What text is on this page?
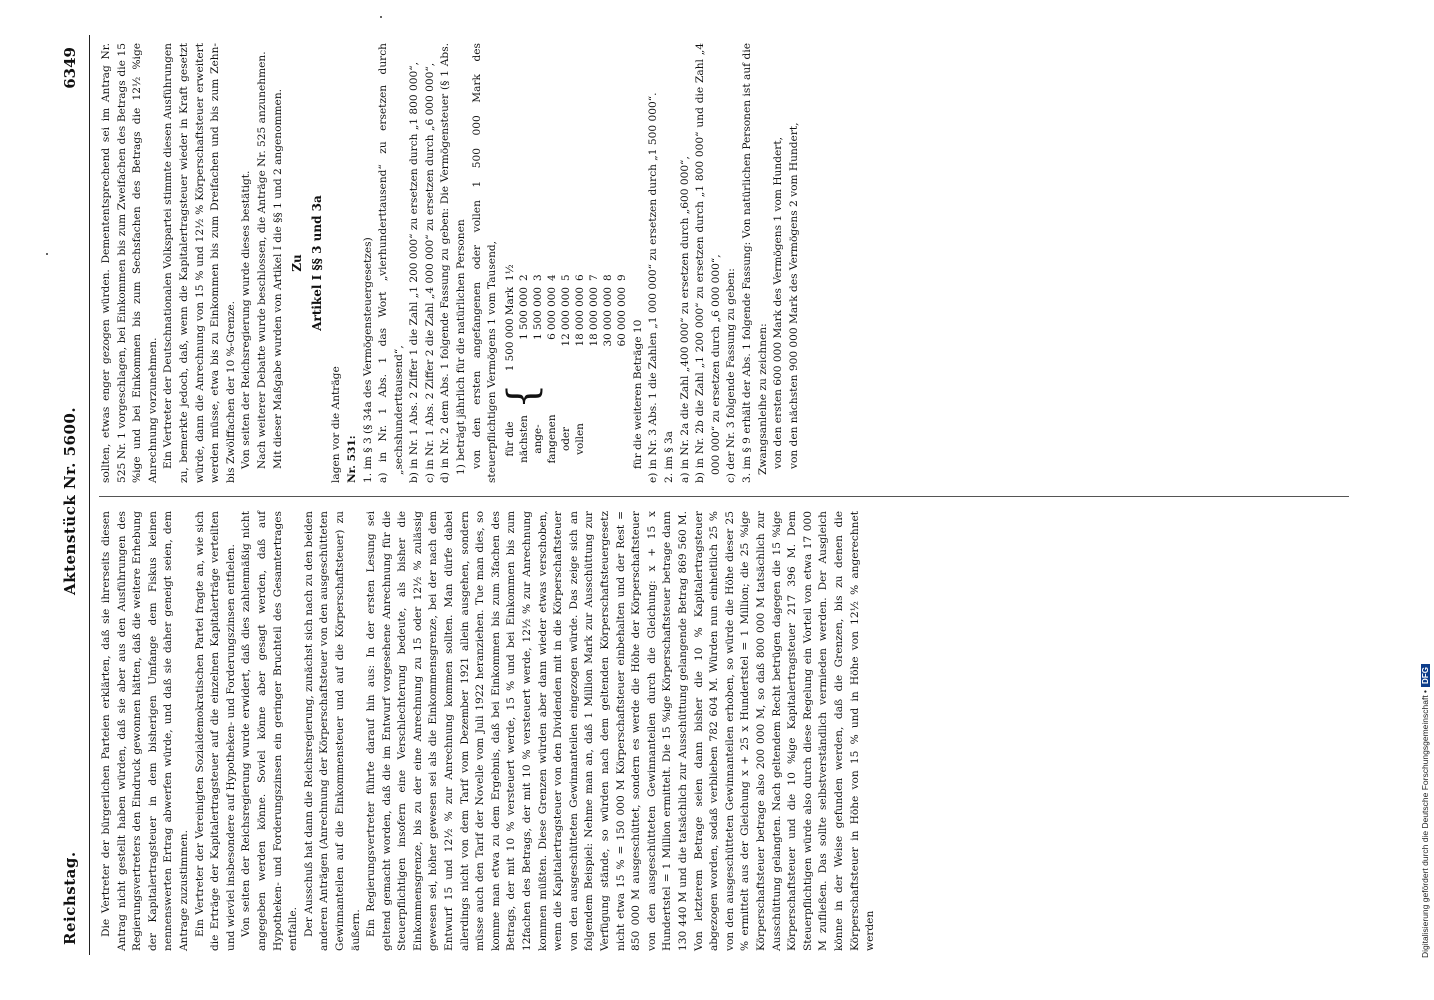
Reichstag.
Aktenstück Nr. 5600.
6349

Die Vertreter der bürgerlichen Parteien erklärten, daß sie ihrerseits diesen Antrag nicht gestellt haben würden, daß sie aber aus den Ausführungen des Regierungsvertreters den Eindruck gewonnen hätten, daß die weitere Erhebung der Kapitalertragsteuer in dem bisherigen Umfange dem Fiskus keinen nennenswerten Ertrag abwerfen würde, und daß sie daher geneigt seien, dem Antrage zuzustimmen. Ein Vertreter der Vereinigten Sozialdemokratischen Partei fragte an, wie sich die Erträge der Kapitalertragsteuer auf die einzelnen Kapitalerträge verteilten und wieviel insbesondere auf Hypotheken- und Forderungszinsen entfielen. Von seiten der Reichsregierung wurde erwidert, daß dies zahlenmäßig nicht angegeben werden könne. Soviel könne aber gesagt werden, daß auf Hypotheken- und Forderungszinsen ein geringer Bruchteil des Gesamtertrages entfalle. Der Ausschuß hat dann die Reichsregierung, zunächst sich nach zu den beiden anderen Anträgen (Anrechnung der Körperschaftsteuer von den ausgeschütteten Gewinnanteilen auf die Einkommensteuer und auf die Körperschaftsteuer) zu äußern. Ein Regierungsvertreter führte darauf hin aus: In der ersten Lesung sei geltend gemacht worden, daß die im Entwurf vorgesehene Anrechnung für die Steuerpflichtigen insofern eine Verschlechterung bedeute, als bisher die Einkommensgrenze, bis zu der eine Anrechnung zu 15 oder 12½ % zulässig gewesen sei, höher gewesen sei als die Einkommensgrenze, bei der nach dem Entwurf 15 und 12½ % zur Anrechnung kommen sollten. Man dürfe dabei allerdings nicht von dem Tarif vom Dezember 1921 allein ausgehen, sondern müsse auch den Tarif der Novelle vom Juli 1922 heranziehen. Tue man dies, so komme man etwa zu dem Ergebnis, daß bei Einkommen bis zum 3fachen des Betrags, der mit 10 % versteuert werde, 15 % und bei Einkommen bis zum 12fachen des Betrags, der mit 10 % versteuert werde, 12½ % zur Anrechnung kommen müßten. Diese Grenzen würden aber dann wieder etwas verschoben, wenn die Kapitalertragsteuer von den Dividenden mit in die Körperschaftsteuer von den ausgeschütteten Gewinnanteilen eingezogen würde. Das zeige sich an folgendem Beispiel: Nehme man an, daß 1 Million Mark zur Ausschüttung zur Verfügung stände, so würden nach dem geltenden Körperschaftsteuergesetz nicht etwa 15 % = 150 000 M Körperschaftsteuer einbehalten und der Rest = 850 000 M ausgeschüttet, sondern es werde die Höhe der Körperschaftsteuer von den ausgeschütteten Gewinnanteilen durch die Gleichung: x + 15 x Hundertstel = 1 Million ermittelt. Die 15 %ige Körperschaftsteuer betrage dann 130 440 M und die tatsächlich zur Ausschüttung gelangende Betrag 869 560 M. Von letzterem Betrage seien dann bisher die 10 % Kapitalertragsteuer abgezogen worden, sodaß verblieben 782 604 M. Würden nun einheitlich 25 % von den ausgeschütteten Gewinnanteilen erhoben, so würde die Höhe dieser 25 % ermittelt aus der Gleichung x + 25 x Hundertstel = 1 Million; die 25 %ige Körperschaftsteuer betrage also 200 000 M, so daß 800 000 M tatsächlich zur Ausschüttung gelangten. Nach geltendem Recht betrügen dagegen die 15 %ige Körperschaftsteuer und die 10 %ige Kapitalertragsteuer 217 396 M. Dem Steuerpflichtigen würde also durch diese Regelung ein Vorteil von etwa 17 000 M zufließen. Das sollte selbstverständlich vermieden werden. Der Ausgleich könne in der Weise gefunden werden, daß die Grenzen, bis zu denen die Körperschaftsteuer in Höhe von 15 % und in Höhe von 12½ % angerechnet werden

sollten, etwas enger gezogen würden. Demententsprechend sei im Antrag Nr. 525 Nr. 1 vorgeschlagen, bei Einkommen bis zum Zweifachen des Betrags die 15 %ige und bei Einkommen bis zum Sechsfachen des Betrags die 12½ %ige Anrechnung vorzunehmen. Ein Vertreter der Deutschnationalen Volkspartei stimmte diesen Ausführungen zu, bemerkte jedoch, daß, wenn die Kapitalertragsteuer wieder in Kraft gesetzt würde, dann die Anrechnung von 15 % und 12½ % Körperschaftsteuer erweitert werden müsse, etwa bis zu Einkommen bis zum Dreifachen und bis zum Zehn- bis Zwölffachen der 10 %-Grenze. Von seiten der Reichsregierung wurde dieses bestätigt. Nach weiterer Debatte wurde beschlossen, die Anträge Nr. 525 anzunehmen. Mit dieser Maßgabe wurden von Artikel I die §§ 1 und 2 angenommen. Zu Artikel I §§ 3 und 3a

lagen vor die Anträge Nr. 531: 1. im § 3 (§ 34a des Vermögensteuergesetzes) a) in Nr. 1 Abs. 1 das Wort „vierhunderttausend“ zu ersetzen durch „sechshunderttausend“, b) in Nr. 1 Abs. 2 Ziffer 1 die Zahl „1 200 000“ zu ersetzen durch „1 800 000“, c) in Nr. 1 Abs. 2 Ziffer 2 die Zahl „4 000 000“ zu ersetzen durch „6 000 000“, d) in Nr. 2 dem Abs. 1 folgende Fassung zu geben: Die Vermögensteuer (§ 1 Abs. 1) beträgt jährlich für die natürlichen Personen von den ersten angefangenen oder vollen 1 500 000 Mark des steuerpflichtigen Vermögens 1 vom Tausend, für die nächsten ange- fangenen oder vollen
{
1 500 000 Mark
1½
1 500 000
2
1 500 000
3
6 000 000
4
12 000 000
5
18 000 000
6
18 000 000
7
30 000 000
8
60 000 000
9

für die weiteren Beträge 10 e) in Nr. 3 Abs. 1 die Zahlen „1 000 000“ zu ersetzen durch „1 500 000“. 2. im § 3a a) in Nr. 2a die Zahl „400 000“ zu ersetzen durch „600 000“, b) in Nr. 2b die Zahl „1 200 000“ zu ersetzen durch „1 800 000“ und die Zahl „4 000 000“ zu ersetzen durch „6 000 000“, c) der Nr. 3 folgende Fassung zu geben: 3. im § 9 erhält der Abs. 1 folgende Fassung: Von natürlichen Personen ist auf die Zwangsanleihe zu zeichnen: von den ersten 600 000 Mark des Vermögens 1 vom Hundert, von den nächsten 900 000 Mark des Vermögens 2 vom Hundert,

Digitalisierung gefördert durch die Deutsche Forschungsgemeinschaft •DFG
